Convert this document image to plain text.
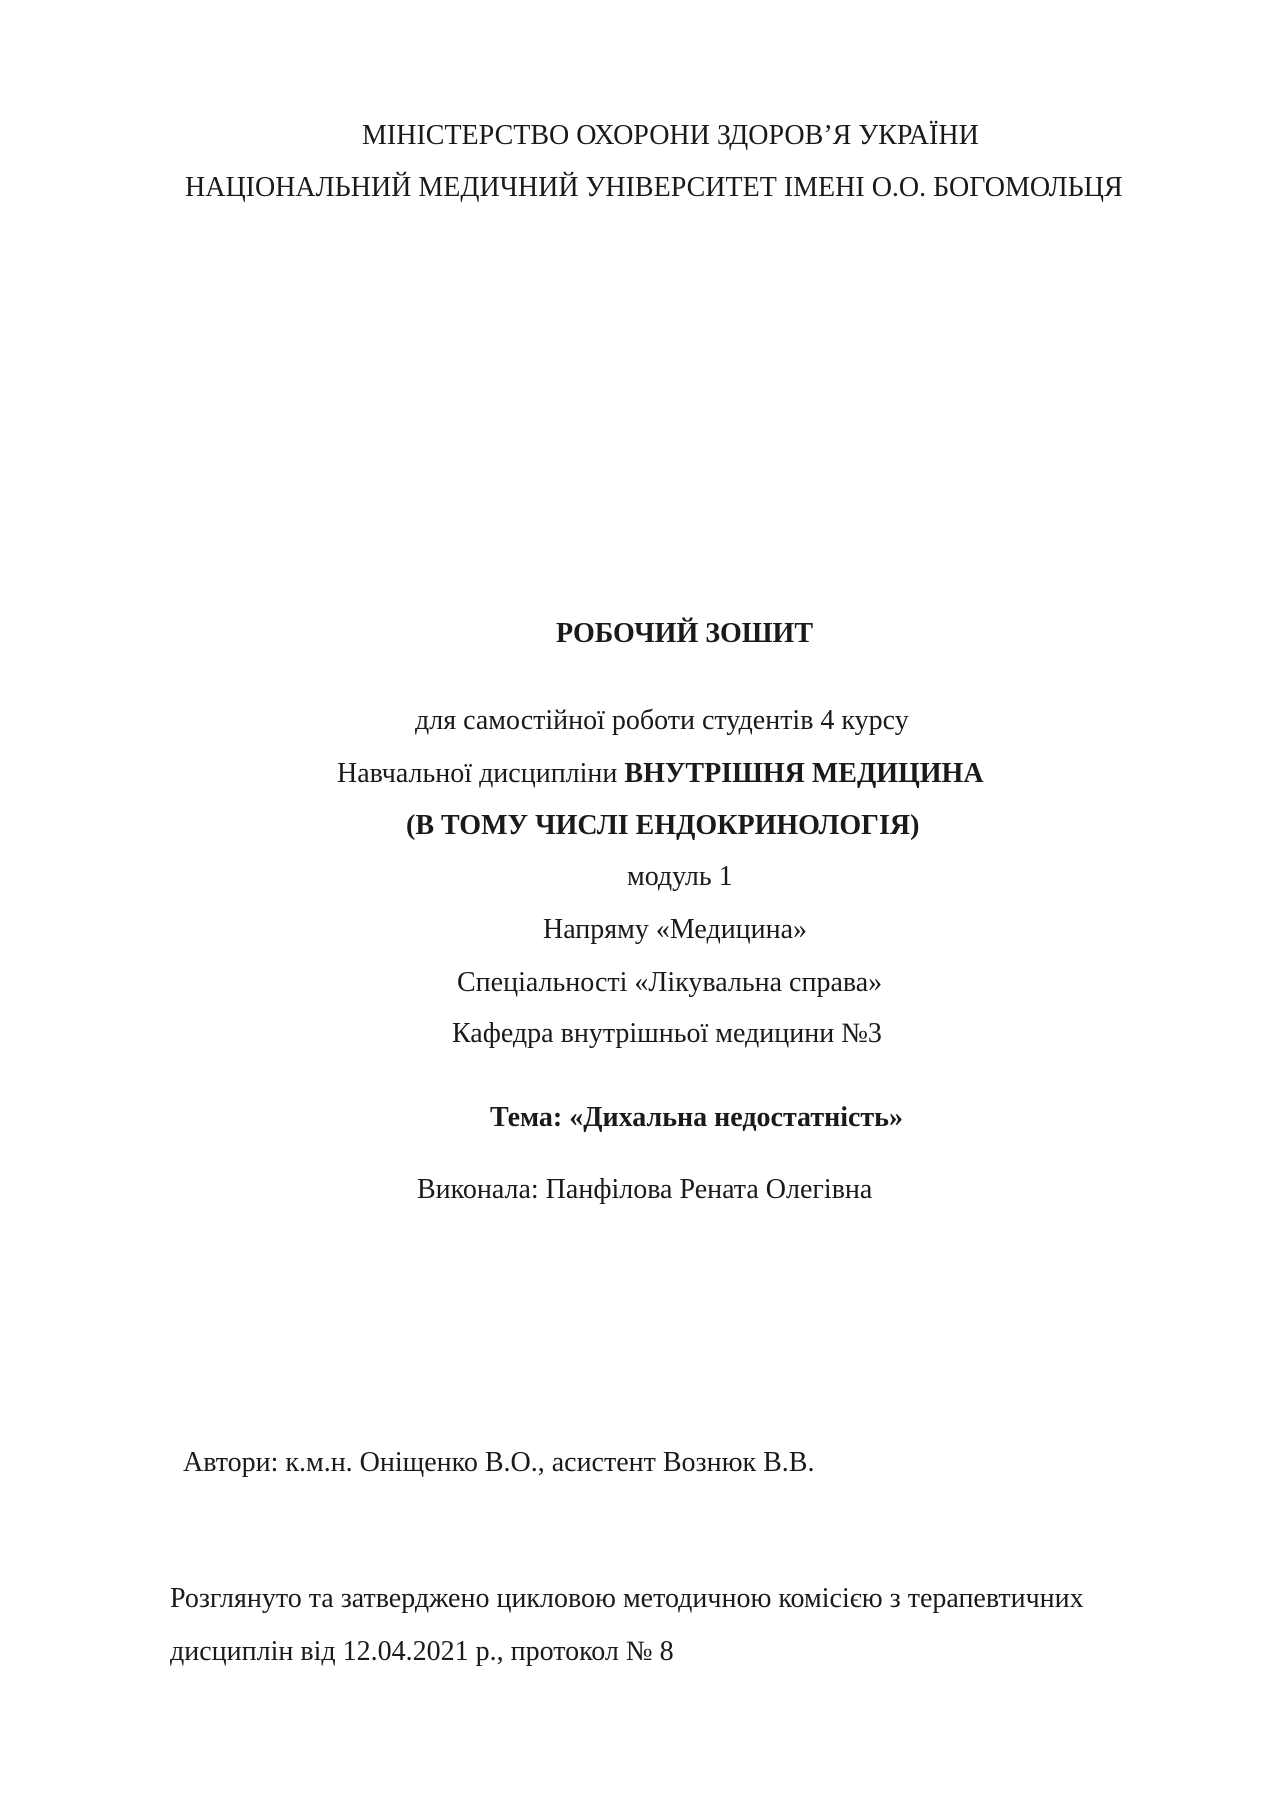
МІНІСТЕРСТВО ОХОРОНИ ЗДОРОВ’Я УКРАЇНИ
НАЦІОНАЛЬНИЙ МЕДИЧНИЙ УНІВЕРСИТЕТ ІМЕНІ О.О. БОГОМОЛЬЦЯ
РОБОЧИЙ ЗОШИТ
для самостійної роботи студентів 4 курсу
Навчальної дисципліни ВНУТРІШНЯ МЕДИЦИНА
(В ТОМУ ЧИСЛІ ЕНДОКРИНОЛОГІЯ)
модуль 1
Напряму «Медицина»
Спеціальності «Лікувальна справа»
Кафедра внутрішньої медицини №3
Тема: «Дихальна недостатність»
Виконала: Панфілова Рената Олегівна
Автори: к.м.н. Оніщенко В.О., асистент Вознюк В.В.
Розглянуто та затверджено цикловою методичною комісією з терапевтичних
дисциплін від 12.04.2021 р., протокол № 8
